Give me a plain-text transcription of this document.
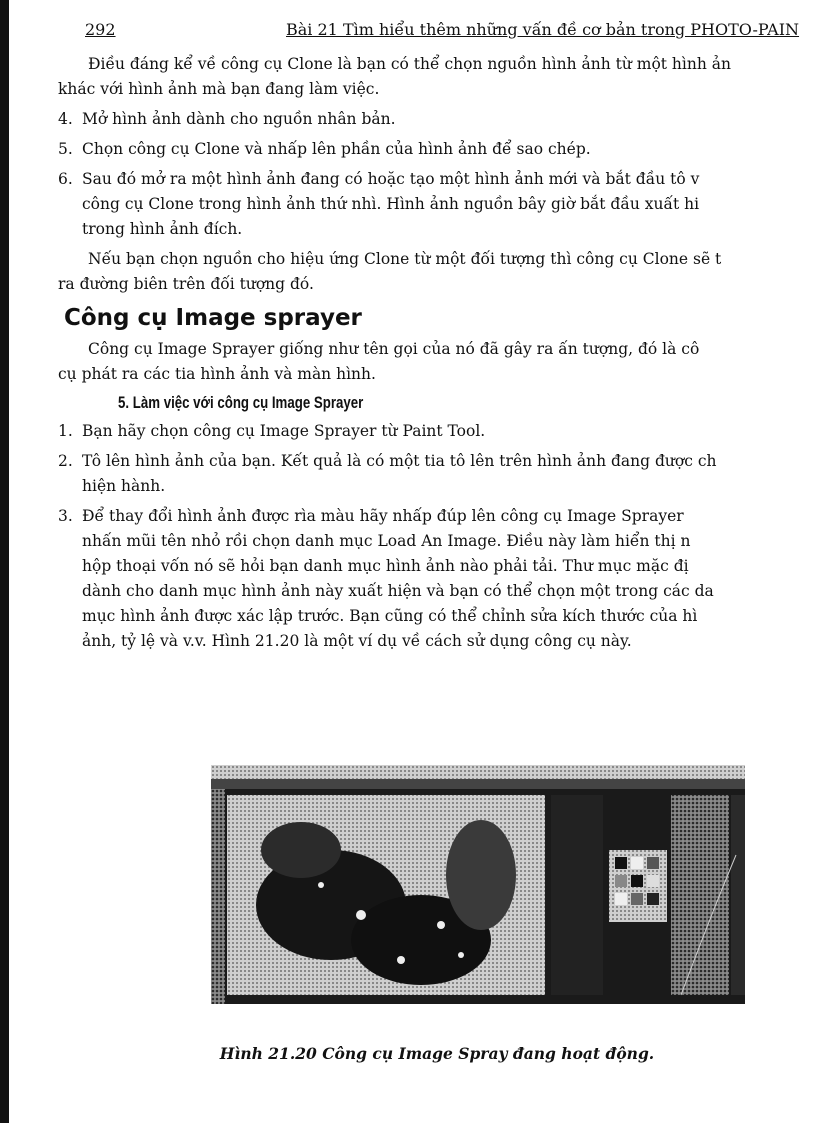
292	Bài 21 Tìm hiểu thêm những vấn đề cơ bản trong PHOTO-PAIN

Điều đáng kể về công cụ Clone là bạn có thể chọn nguồn hình ảnh từ một hình ản

khác với hình ảnh mà bạn đang làm việc.

4. Mở hình ảnh dành cho nguồn nhân bản.

5. Chọn công cụ Clone và nhấp lên phần của hình ảnh để sao chép.

6. Sau đó mở ra một hình ảnh đang có hoặc tạo một hình ảnh mới và bắt đầu tô v

công cụ Clone trong hình ảnh thứ nhì. Hình ảnh nguồn bây giờ bắt đầu xuất hi

trong hình ảnh đích.

Nếu bạn chọn nguồn cho hiệu ứng Clone từ một đối tượng thì công cụ Clone sẽ t

ra đường biên trên đối tượng đó.

Công cụ Image sprayer

Công cụ Image Sprayer giống như tên gọi của nó đã gây ra ấn tượng, đó là cô

cụ phát ra các tia hình ảnh và màn hình.

5. Làm việc với công cụ Image Sprayer
1. Bạn hãy chọn công cụ Image Sprayer từ Paint Tool.

2. Tô lên hình ảnh của bạn. Kết quả là có một tia tô lên trên hình ảnh đang được ch

hiện hành.

3. Để thay đổi hình ảnh được rìa màu hãy nhấp đúp lên công cụ Image Sprayer

nhấn mũi tên nhỏ rồi chọn danh mục Load An Image. Điều này làm hiển thị n

hộp thoại vốn nó sẽ hỏi bạn danh mục hình ảnh nào phải tải. Thư mục mặc đị

dành cho danh mục hình ảnh này xuất hiện và bạn có thể chọn một trong các da

mục hình ảnh được xác lập trước. Bạn cũng có thể chỉnh sửa kích thước của hì

ảnh, tỷ lệ và v.v. Hình 21.20 là một ví dụ về cách sử dụng công cụ này.

Hình 21.20 Công cụ Image Spray đang hoạt động.
